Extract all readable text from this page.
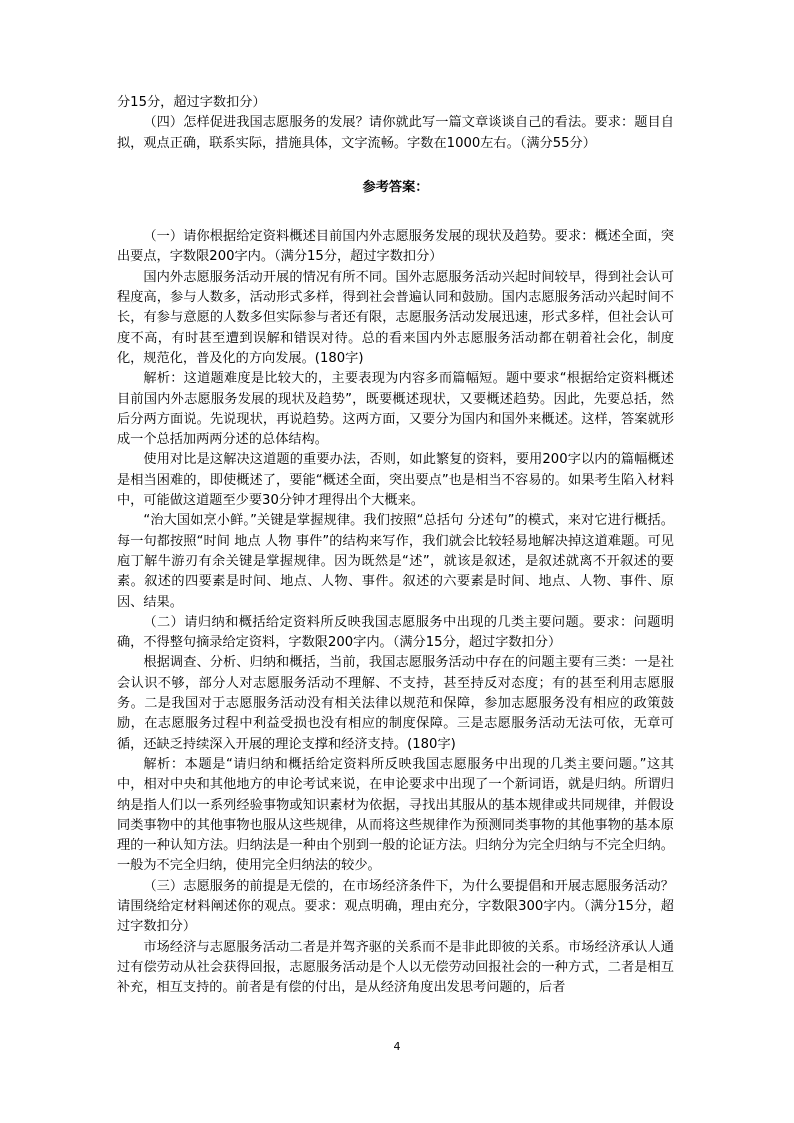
分15分，超过字数扣分）

（四）怎样促进我国志愿服务的发展？请你就此写一篇文章谈谈自己的看法。要求：题目自拟，观点正确，联系实际，措施具体，文字流畅。字数在1000左右。（满分55分）

参考答案：

（一）请你根据给定资料概述目前国内外志愿服务发展的现状及趋势。要求：概述全面，突出要点，字数限200字内。（满分15分，超过字数扣分）

国内外志愿服务活动开展的情况有所不同。国外志愿服务活动兴起时间较早，得到社会认可程度高，参与人数多，活动形式多样，得到社会普遍认同和鼓励。国内志愿服务活动兴起时间不长，有参与意愿的人数多但实际参与者还有限，志愿服务活动发展迅速，形式多样，但社会认可度不高，有时甚至遭到误解和错误对待。总的看来国内外志愿服务活动都在朝着社会化，制度化，规范化，普及化的方向发展。(180字)

解析：这道题难度是比较大的，主要表现为内容多而篇幅短。题中要求“根据给定资料概述目前国内外志愿服务发展的现状及趋势”，既要概述现状，又要概述趋势。因此，先要总括，然后分两方面说。先说现状，再说趋势。这两方面，又要分为国内和国外来概述。这样，答案就形成一个总括加两两分述的总体结构。

使用对比是这解决这道题的重要办法，否则，如此繁复的资料，要用200字以内的篇幅概述是相当困难的，即使概述了，要能“概述全面，突出要点”也是相当不容易的。如果考生陷入材料中，可能做这道题至少要30分钟才理得出个大概来。

“治大国如烹小鲜。”关键是掌握规律。我们按照“总括句 分述句”的模式，来对它进行概括。每一句都按照“时间 地点 人物 事件”的结构来写作，我们就会比较轻易地解决掉这道难题。可见庖丁解牛游刃有余关键是掌握规律。因为既然是“述”，就该是叙述，是叙述就离不开叙述的要素。叙述的四要素是时间、地点、人物、事件。叙述的六要素是时间、地点、人物、事件、原因、结果。

（二）请归纳和概括给定资料所反映我国志愿服务中出现的几类主要问题。要求：问题明确，不得整句摘录给定资料，字数限200字内。（满分15分，超过字数扣分）

根据调查、分析、归纳和概括，当前，我国志愿服务活动中存在的问题主要有三类：一是社会认识不够，部分人对志愿服务活动不理解、不支持，甚至持反对态度；有的甚至利用志愿服务。二是我国对于志愿服务活动没有相关法律以规范和保障，参加志愿服务没有相应的政策鼓励，在志愿服务过程中利益受损也没有相应的制度保障。三是志愿服务活动无法可依，无章可循，还缺乏持续深入开展的理论支撑和经济支持。(180字)

解析：本题是“请归纳和概括给定资料所反映我国志愿服务中出现的几类主要问题。”这其中，相对中央和其他地方的申论考试来说，在申论要求中出现了一个新词语，就是归纳。所谓归纳是指人们以一系列经验事物或知识素材为依据，寻找出其服从的基本规律或共同规律，并假设同类事物中的其他事物也服从这些规律，从而将这些规律作为预测同类事物的其他事物的基本原理的一种认知方法。归纳法是一种由个别到一般的论证方法。归纳分为完全归纳与不完全归纳。一般为不完全归纳，使用完全归纳法的较少。

（三）志愿服务的前提是无偿的，在市场经济条件下，为什么要提倡和开展志愿服务活动？请围绕给定材料阐述你的观点。要求：观点明确，理由充分，字数限300字内。（满分15分，超过字数扣分）

市场经济与志愿服务活动二者是并驾齐驱的关系而不是非此即彼的关系。市场经济承认人通过有偿劳动从社会获得回报，志愿服务活动是个人以无偿劳动回报社会的一种方式，二者是相互补充，相互支持的。前者是有偿的付出，是从经济角度出发思考问题的，后者

4
